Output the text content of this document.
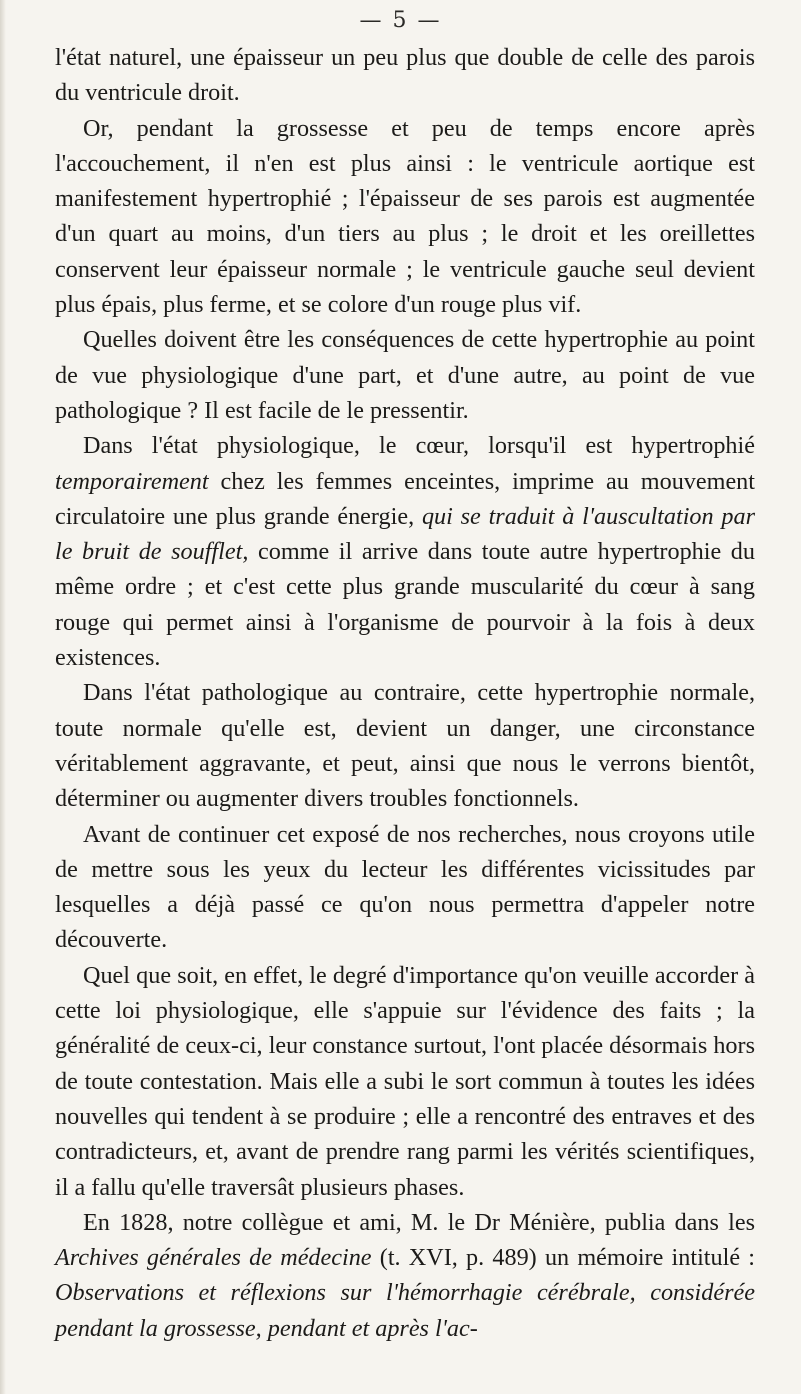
— 5 —

l'état naturel, une épaisseur un peu plus que double de celle des parois du ventricule droit.

Or, pendant la grossesse et peu de temps encore après l'accouchement, il n'en est plus ainsi : le ventricule aortique est manifestement hypertrophié ; l'épaisseur de ses parois est augmentée d'un quart au moins, d'un tiers au plus ; le droit et les oreillettes conservent leur épaisseur normale ; le ventricule gauche seul devient plus épais, plus ferme, et se colore d'un rouge plus vif.

Quelles doivent être les conséquences de cette hypertrophie au point de vue physiologique d'une part, et d'une autre, au point de vue pathologique ? Il est facile de le pressentir.

Dans l'état physiologique, le cœur, lorsqu'il est hypertrophié temporairement chez les femmes enceintes, imprime au mouvement circulatoire une plus grande énergie, qui se traduit à l'auscultation par le bruit de soufflet, comme il arrive dans toute autre hypertrophie du même ordre ; et c'est cette plus grande muscularité du cœur à sang rouge qui permet ainsi à l'organisme de pourvoir à la fois à deux existences.

Dans l'état pathologique au contraire, cette hypertrophie normale, toute normale qu'elle est, devient un danger, une circonstance véritablement aggravante, et peut, ainsi que nous le verrons bientôt, déterminer ou augmenter divers troubles fonctionnels.

Avant de continuer cet exposé de nos recherches, nous croyons utile de mettre sous les yeux du lecteur les différentes vicissitudes par lesquelles a déjà passé ce qu'on nous permettra d'appeler notre découverte.

Quel que soit, en effet, le degré d'importance qu'on veuille accorder à cette loi physiologique, elle s'appuie sur l'évidence des faits ; la généralité de ceux-ci, leur constance surtout, l'ont placée désormais hors de toute contestation. Mais elle a subi le sort commun à toutes les idées nouvelles qui tendent à se produire ; elle a rencontré des entraves et des contradicteurs, et, avant de prendre rang parmi les vérités scientifiques, il a fallu qu'elle traversât plusieurs phases.

En 1828, notre collègue et ami, M. le Dr Ménière, publia dans les Archives générales de médecine (t. XVI, p. 489) un mémoire intitulé : Observations et réflexions sur l'hémorrhagie cérébrale, considérée pendant la grossesse, pendant et après l'ac-
